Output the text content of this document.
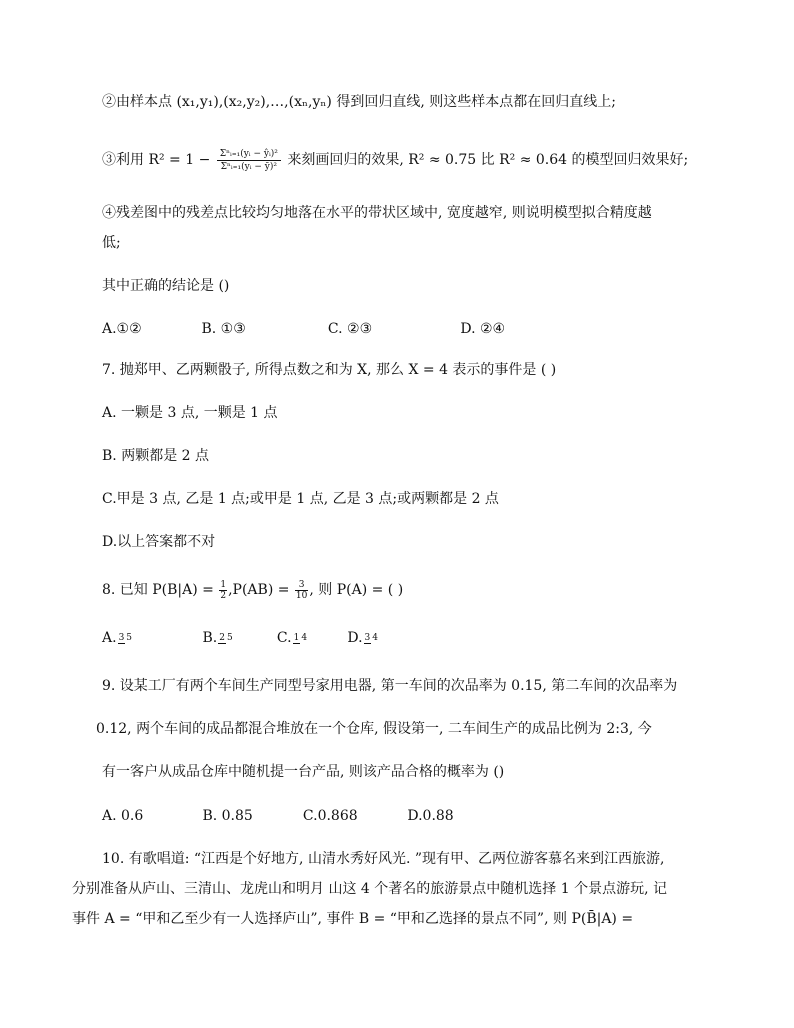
②由样本点 (x₁,y₁),(x₂,y₂),…,(xₙ,yₙ) 得到回归直线, 则这些样本点都在回归直线上;
③利用 $R^2 = 1 - \frac{\text{Σⁿᵢ₌₁(yᵢ − ŷᵢ)²}}{\text{Σⁿᵢ₌₁(yᵢ − ȳ)²}}$ 来刻画回归的效果, R² ≈ 0.75 比 R² ≈ 0.64 的模型回归效果好;
④残差图中的残差点比较均匀地落在水平的带状区域中, 宽度越窄, 则说明模型拟合精度越
低;
其中正确的结论是 ()
A.①②	B. ①③	C. ②③	D. ②④
7. 抛郑甲、乙两颗骰子, 所得点数之和为 X, 那么 X = 4 表示的事件是 ( )
A. 一颗是 3 点, 一颗是 1 点
B. 两颗都是 2 点
C.甲是 3 点, 乙是 1 点;或甲是 1 点, 乙是 3 点;或两颗都是 2 点
D.以上答案都不对
8. 已知 $P(B|A) = \frac{1}{2} ,P(AB) = \frac{3}{10}$ , 则 P(A) = ( )
A. 3 5	B. 2 5	C. 1 4	D. 3 4
9. 设某工厂有两个车间生产同型号家用电器, 第一车间的次品率为 0.15, 第二车间的次品率为
0.12, 两个车间的成品都混合堆放在一个仓库, 假设第一, 二车间生产的成品比例为 2:3, 今
有一客户从成品仓库中随机提一台产品, 则该产品合格的概率为 ()
A. 0.6	B. 0.85	C.0.868	D.0.88
10. 有歌唱道: “江西是个好地方, 山清水秀好风光. ”现有甲、乙两位游客慕名来到江西旅游,
分别准备从庐山、三清山、龙虎山和明月 山这 4 个著名的旅游景点中随机选择 1 个景点游玩, 记
事件 A = “甲和乙至少有一人选择庐山”, 事件 B = “甲和乙选择的景点不同”, 则 P(B̄|A) =
